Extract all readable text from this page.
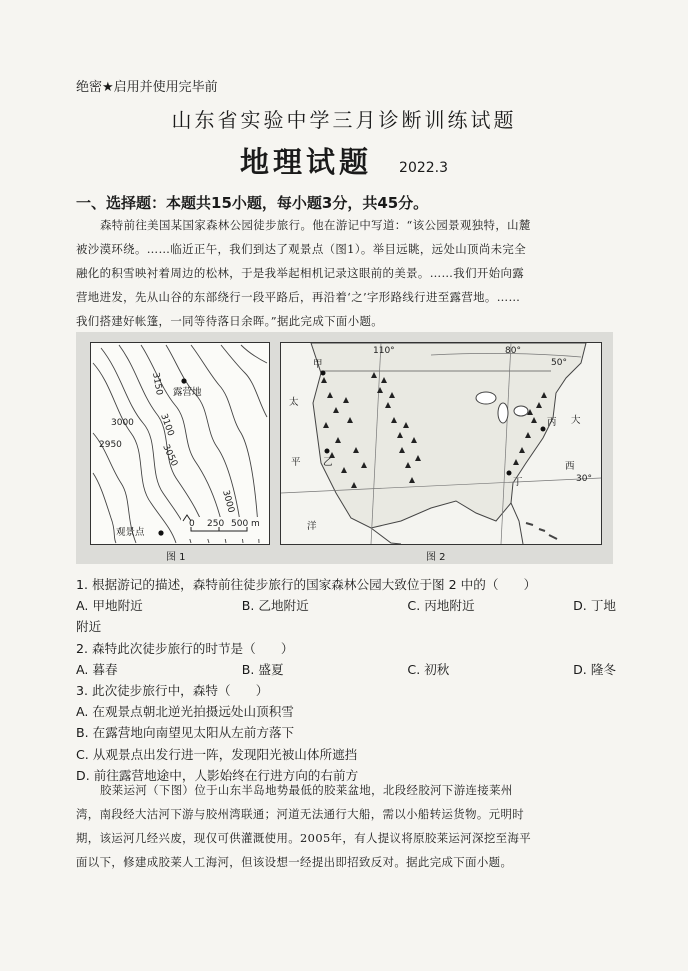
绝密★启用并使用完毕前
山东省实验中学三月诊断训练试题
地理试题 2022.3
一、选择题：本题共15小题，每小题3分，共45分。
森特前往美国某国家森林公园徒步旅行。他在游记中写道：“该公园景观独特，山麓
被沙漠环绕。……临近正午，我们到达了观景点（图1）。举目远眺，远处山顶尚未完全
融化的积雪映衬着周边的松林，于是我举起相机记录这眼前的美景。……我们开始向露
营地进发，先从山谷的东部绕行一段平路后，再沿着‘之’字形路线行进至露营地。……
我们搭建好帐篷，一同等待落日余晖。”据此完成下面小题。
露营地
观景点
3150
3100
3050
3000
2950
3000
0 250 500 m
图 1
甲
乙
丙
丁
110°	80°
50°
30°
太
平
洋
大
西
图 2
1. 根据游记的描述，森特前往徒步旅行的国家森林公园大致位于图 2 中的（　　）
A. 甲地附近	B. 乙地附近	C. 丙地附近	D. 丁地
附近
2. 森特此次徒步旅行的时节是（　　）
A. 暮春	B. 盛夏	C. 初秋	D. 隆冬
3. 此次徒步旅行中，森特（　　）
A. 在观景点朝北逆光拍摄远处山顶积雪
B. 在露营地向南望见太阳从左前方落下
C. 从观景点出发行进一阵，发现阳光被山体所遮挡
D. 前往露营地途中，人影始终在行进方向的右前方
胶莱运河（下图）位于山东半岛地势最低的胶莱盆地，北段经胶河下游连接莱州
湾，南段经大沽河下游与胶州湾联通；河道无法通行大船，需以小船转运货物。元明时
期，该运河几经兴废，现仅可供灌溉使用。2005年，有人提议将原胶莱运河深挖至海平
面以下，修建成胶莱人工海河，但该设想一经提出即招致反对。据此完成下面小题。
